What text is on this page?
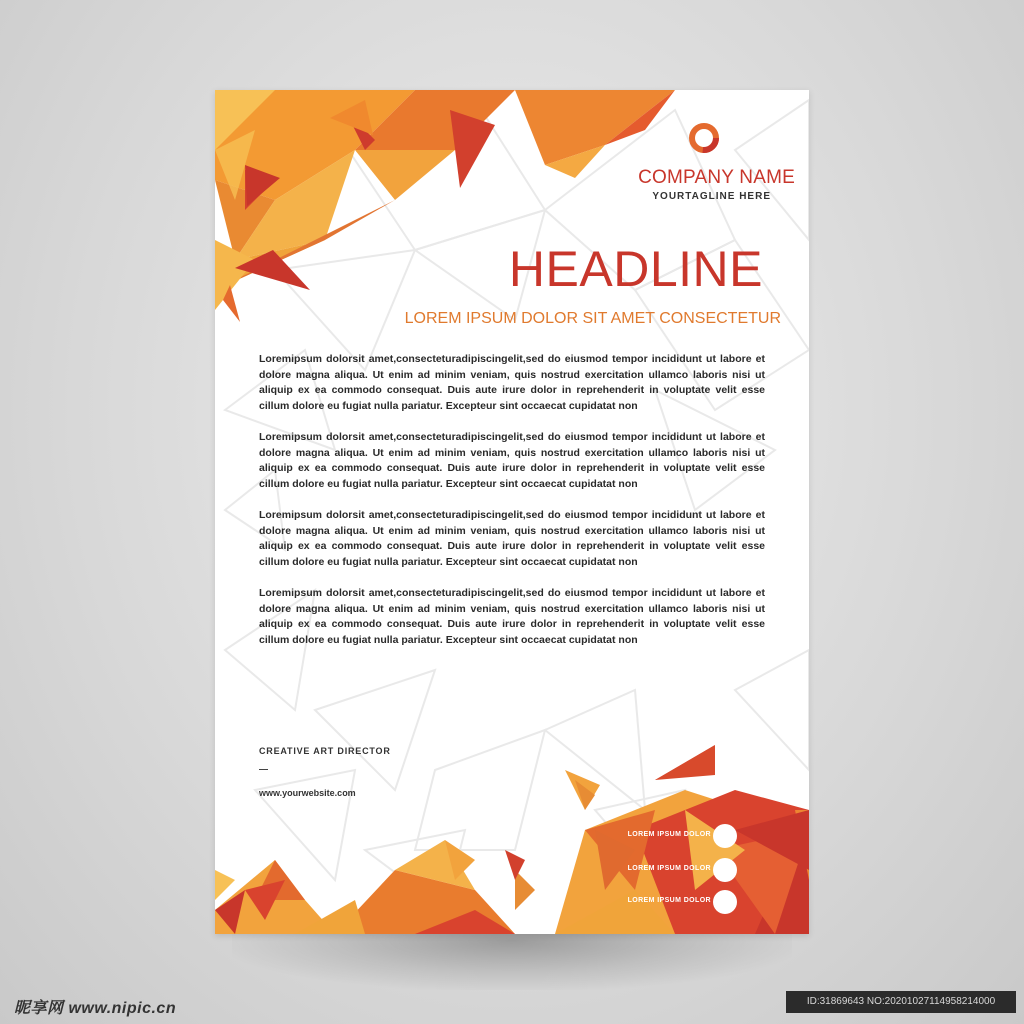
COMPANY NAME
YOURTAGLINE HERE
HEADLINE
LOREM IPSUM DOLOR SIT AMET CONSECTETUR

Loremipsum dolorsit amet,consecteturadipiscingelit,sed do eiusmod tempor incididunt ut labore et dolore magna aliqua. Ut enim ad minim veniam, quis nostrud exercitation ullamco laboris nisi ut aliquip ex ea commodo consequat. Duis aute irure dolor in reprehenderit in voluptate velit esse cillum dolore eu fugiat nulla pariatur. Excepteur sint occaecat cupidatat non

Loremipsum dolorsit amet,consecteturadipiscingelit,sed do eiusmod tempor incididunt ut labore et dolore magna aliqua. Ut enim ad minim veniam, quis nostrud exercitation ullamco laboris nisi ut aliquip ex ea commodo consequat. Duis aute irure dolor in reprehenderit in voluptate velit esse cillum dolore eu fugiat nulla pariatur. Excepteur sint occaecat cupidatat non

Loremipsum dolorsit amet,consecteturadipiscingelit,sed do eiusmod tempor incididunt ut labore et dolore magna aliqua. Ut enim ad minim veniam, quis nostrud exercitation ullamco laboris nisi ut aliquip ex ea commodo consequat. Duis aute irure dolor in reprehenderit in voluptate velit esse cillum dolore eu fugiat nulla pariatur. Excepteur sint occaecat cupidatat non

Loremipsum dolorsit amet,consecteturadipiscingelit,sed do eiusmod tempor incididunt ut labore et dolore magna aliqua. Ut enim ad minim veniam, quis nostrud exercitation ullamco laboris nisi ut aliquip ex ea commodo consequat. Duis aute irure dolor in reprehenderit in voluptate velit esse cillum dolore eu fugiat nulla pariatur. Excepteur sint occaecat cupidatat non

CREATIVE ART DIRECTOR
—
www.yourwebsite.com
LOREM IPSUM DOLOR
LOREM IPSUM DOLOR
LOREM IPSUM DOLOR
昵享网 www.nipic.cn	ID:31869643 NO:20201027114958214000
